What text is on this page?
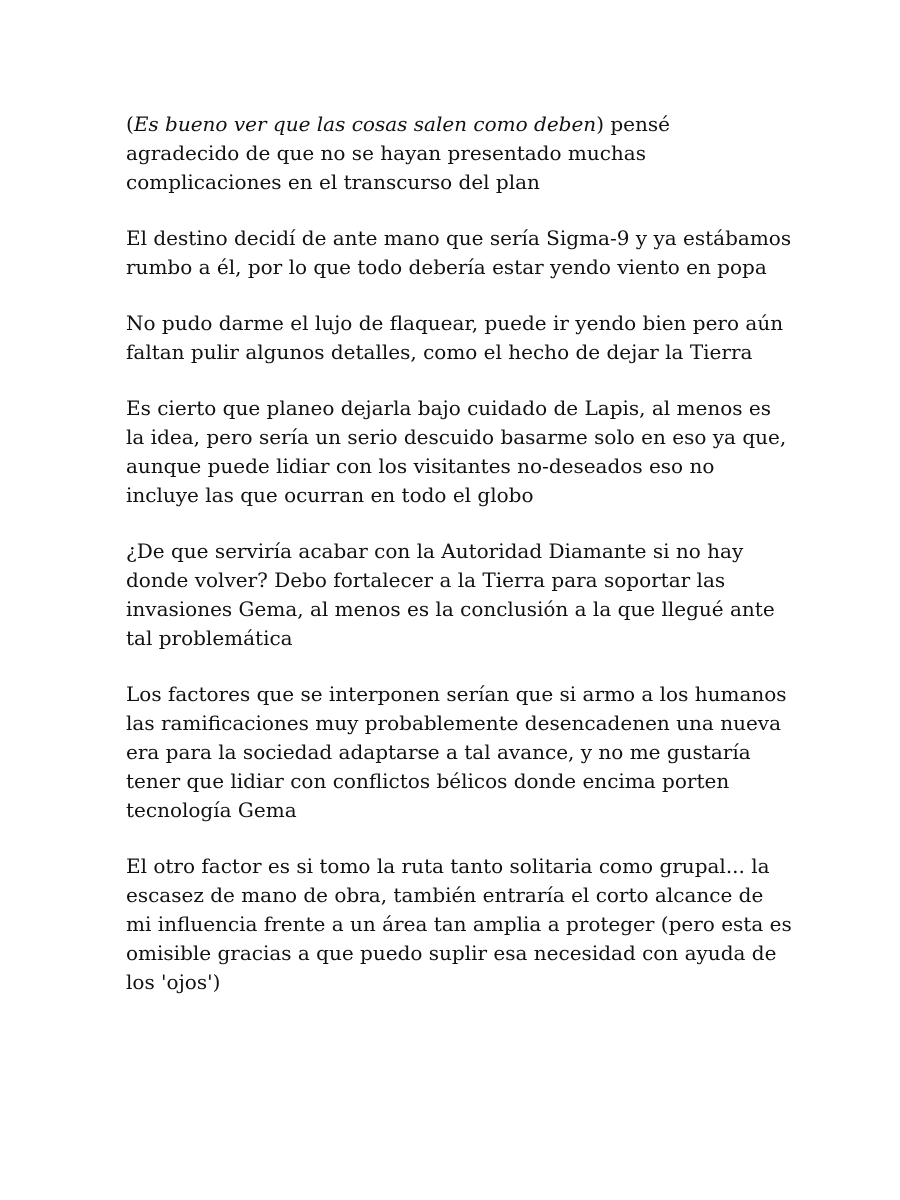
(Es bueno ver que las cosas salen como deben) pensé
agradecido de que no se hayan presentado muchas
complicaciones en el transcurso del plan

El destino decidí de ante mano que sería Sigma-9 y ya estábamos
rumbo a él, por lo que todo debería estar yendo viento en popa

No pudo darme el lujo de flaquear, puede ir yendo bien pero aún
faltan pulir algunos detalles, como el hecho de dejar la Tierra

Es cierto que planeo dejarla bajo cuidado de Lapis, al menos es
la idea, pero sería un serio descuido basarme solo en eso ya que,
aunque puede lidiar con los visitantes no-deseados eso no
incluye las que ocurran en todo el globo

¿De que serviría acabar con la Autoridad Diamante si no hay
donde volver? Debo fortalecer a la Tierra para soportar las
invasiones Gema, al menos es la conclusión a la que llegué ante
tal problemática

Los factores que se interponen serían que si armo a los humanos
las ramificaciones muy probablemente desencadenen una nueva
era para la sociedad adaptarse a tal avance, y no me gustaría
tener que lidiar con conflictos bélicos donde encima porten
tecnología Gema

El otro factor es si tomo la ruta tanto solitaria como grupal... la
escasez de mano de obra, también entraría el corto alcance de
mi influencia frente a un área tan amplia a proteger (pero esta es
omisible gracias a que puedo suplir esa necesidad con ayuda de
los 'ojos')
